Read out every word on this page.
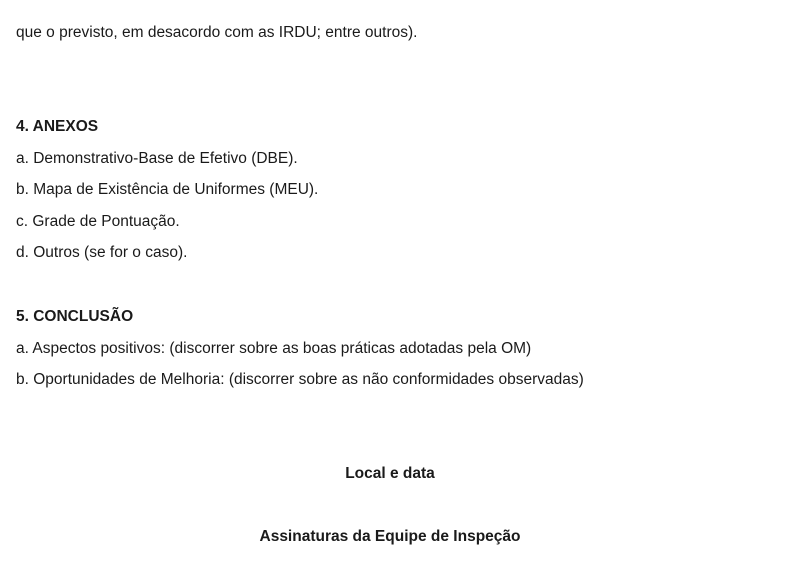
que o previsto, em desacordo com as IRDU; entre outros).
4. ANEXOS
a. Demonstrativo-Base de Efetivo (DBE).
b. Mapa de Existência de Uniformes (MEU).
c. Grade de Pontuação.
d. Outros (se for o caso).
5. CONCLUSÃO
a. Aspectos positivos: (discorrer sobre as boas práticas adotadas pela OM)
b. Oportunidades de Melhoria: (discorrer sobre as não conformidades observadas)
Local e data
Assinaturas da Equipe de Inspeção
